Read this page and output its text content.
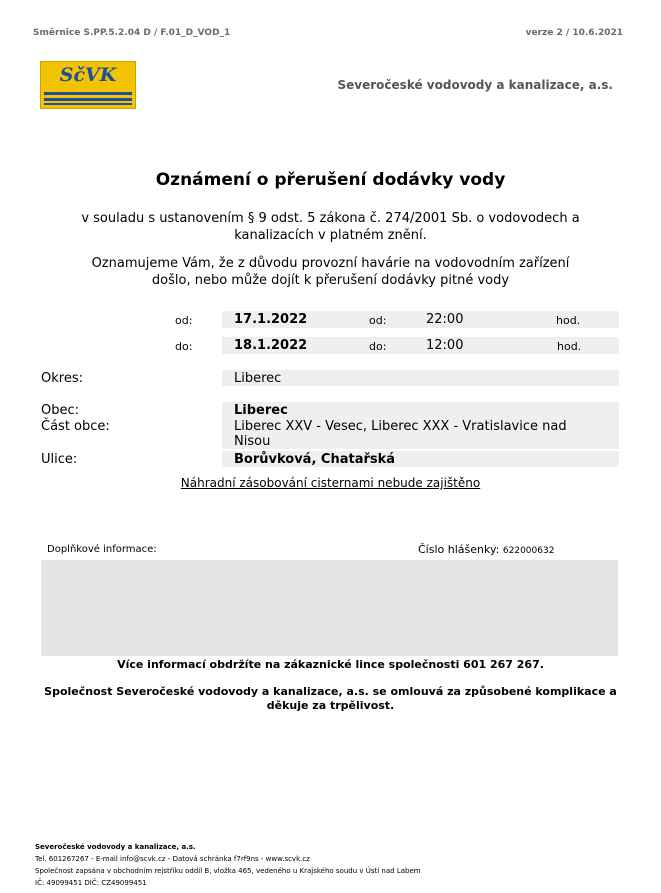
Směrnice S.PP.5.2.04 D / F.01_D_VOD_1	verze 2 / 10.6.2021
SčVK	Severočeské vodovody a kanalizace, a.s.
Oznámení o přerušení dodávky vody
v souladu s ustanovením § 9 odst. 5 zákona č. 274/2001 Sb. o vodovodech a
kanalizacích v platném znění.
Oznamujeme Vám, že z důvodu provozní havárie na vodovodním zařízení
došlo, nebo může dojít k přerušení dodávky pitné vody
od:	17.1.2022	od:	22:00	hod.
do:	18.1.2022	do:	12:00	hod.
Okres:	Liberec
Obec:	Liberec
Část obce:	Liberec XXV - Vesec, Liberec XXX - Vratislavice nad
Nisou
Ulice:	Borůvková, Chatařská
Náhradní zásobování cisternami nebude zajištěno
Doplňkové informace:	Číslo hlášenky: 622000632
Více informací obdržíte na zákaznické lince společnosti 601 267 267.
Společnost Severočeské vodovody a kanalizace, a.s. se omlouvá za způsobené komplikace a
děkuje za trpělivost.
Severočeské vodovody a kanalizace, a.s.
Tel. 601267267 - E-mail info@scvk.cz - Datová schránka f7rf9ns - www.scvk.cz
Společnost zapsána v obchodním rejstříku oddíl B, vložka 465, vedeného u Krajského soudu v Ústí nad Labem
IČ: 49099451 DIČ: CZ49099451
